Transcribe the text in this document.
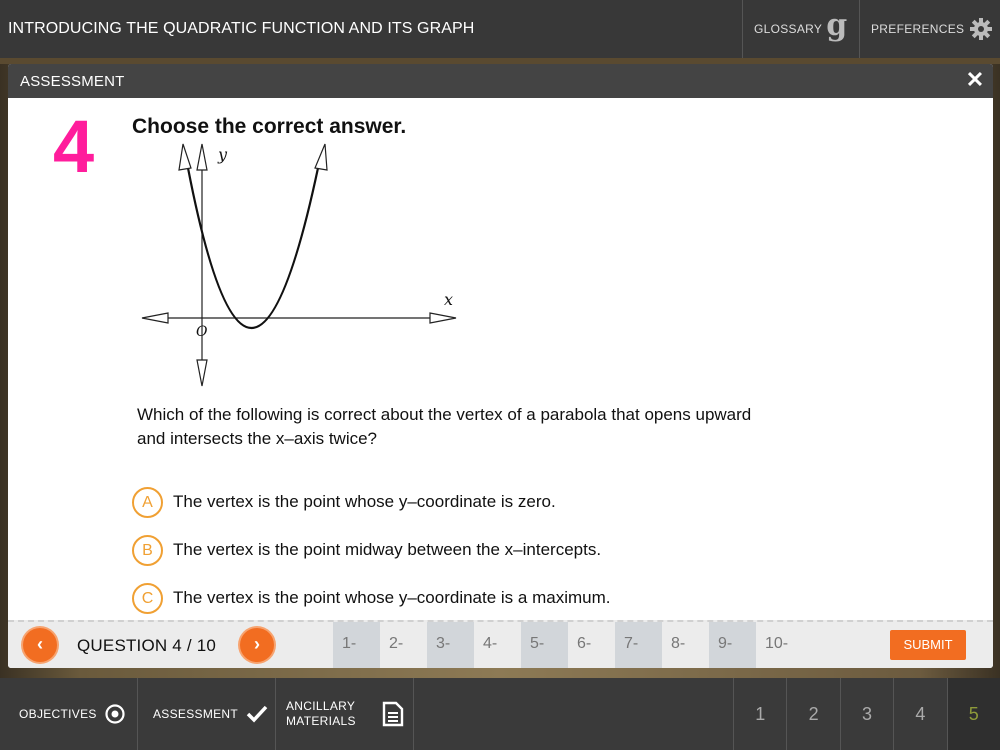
INTRODUCING THE QUADRATIC FUNCTION AND ITS GRAPH	GLOSSARY g PREFERENCES
ASSESSMENT	✕
4 Choose the correct answer.
y
x
O
Which of the following is correct about the vertex of a parabola that opens upward and intersects the x–axis twice?
A	The vertex is the point whose y–coordinate is zero.
B	The vertex is the point midway between the x–intercepts.
C	The vertex is the point whose y–coordinate is a maximum.
‹	QUESTION 4 / 10	›	1-	2-	3-	4-	5-	6-	7-	8-	9-	10-	SUBMIT
OBJECTIVES	ASSESSMENT
ANCILLARY
MATERIALS	1	2	3	4	5
